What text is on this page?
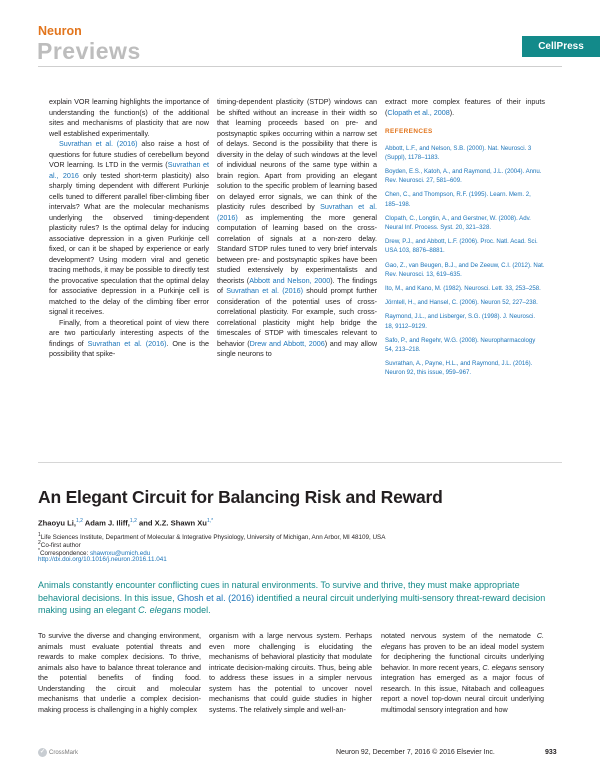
Neuron
Previews	CellPress

explain VOR learning highlights the importance of understanding the function(s) of the additional sites and mechanisms of plasticity that are now well established experimentally.

Suvrathan et al. (2016) also raise a host of questions for future studies of cerebellum beyond VOR learning. Is LTD in the vermis (Suvrathan et al., 2016 only tested short-term plasticity) also sharply timing dependent with different Purkinje cells tuned to different parallel fiber-climbing fiber intervals? What are the molecular mechanisms underlying the observed timing-dependent plasticity rules? Is the optimal delay for inducing associative depression in a given Purkinje cell fixed, or can it be shaped by experience or early development? Using modern viral and genetic tracing methods, it may be possible to directly test the provocative speculation that the optimal delay for associative depression in a Purkinje cell is matched to the delay of the climbing fiber error signal it receives.

Finally, from a theoretical point of view there are two particularly interesting aspects of the findings of Suvrathan et al. (2016). One is the possibility that spike-

timing-dependent plasticity (STDP) windows can be shifted without an increase in their width so that learning proceeds based on pre- and postsynaptic spikes occurring within a narrow set of delays. Second is the possibility that there is diversity in the delay of such windows at the level of individual neurons of the same type within a brain region. Apart from providing an elegant solution to the specific problem of learning based on delayed error signals, we can think of the plasticity rules described by Suvrathan et al. (2016) as implementing the more general computation of learning based on the cross-correlation of signals at a non-zero delay. Standard STDP rules tuned to very brief intervals between pre- and postsynaptic spikes have been studied extensively by experimentalists and theorists (Abbott and Nelson, 2000). The findings of Suvrathan et al. (2016) should prompt further consideration of the potential uses of cross-correlational plasticity. For example, such cross-correlational plasticity might help bridge the timescales of STDP with timescales relevant to behavior (Drew and Abbott, 2006) and may allow single neurons to

extract more complex features of their inputs (Clopath et al., 2008).

REFERENCES
Abbott, L.F., and Nelson, S.B. (2000). Nat. Neurosci. 3 (Suppl), 1178–1183.
Boyden, E.S., Katoh, A., and Raymond, J.L. (2004). Annu. Rev. Neurosci. 27, 581–609.
Chen, C., and Thompson, R.F. (1995). Learn. Mem. 2, 185–198.
Clopath, C., Longtin, A., and Gerstner, W. (2008). Adv. Neural Inf. Process. Syst. 20, 321–328.
Drew, P.J., and Abbott, L.F. (2006). Proc. Natl. Acad. Sci. USA 103, 8876–8881.
Gao, Z., van Beugen, B.J., and De Zeeuw, C.I. (2012). Nat. Rev. Neurosci. 13, 619–635.
Ito, M., and Kano, M. (1982). Neurosci. Lett. 33, 253–258.
Jörntell, H., and Hansel, C. (2006). Neuron 52, 227–238.
Raymond, J.L., and Lisberger, S.G. (1998). J. Neurosci. 18, 9112–9129.
Safo, P., and Regehr, W.G. (2008). Neuropharmacology 54, 213–218.
Suvrathan, A., Payne, H.L., and Raymond, J.L. (2016). Neuron 92, this issue, 959–967.
An Elegant Circuit for Balancing Risk and Reward
Zhaoyu Li,$^{1,2}$ Adam J. Iliff,$^{1,2}$ and X.Z. Shawn $Xu^{1,*}$
$^1$Life Sciences Institute, Department of Molecular & Integrative Physiology, University of Michigan, Ann Arbor, MI 48109, USA
$^2$Co-first author
*Correspondence: shawnxu@umich.edu
http://dx.doi.org/10.1016/j.neuron.2016.11.041
Animals constantly encounter conflicting cues in natural environments. To survive and thrive, they must make appropriate behavioral decisions. In this issue, Ghosh et al. (2016) identified a neural circuit underlying multi-sensory threat-reward decision making using an elegant C. elegans model.

To survive the diverse and changing environment, animals must evaluate potential threats and rewards to make complex decisions. To thrive, animals also have to balance threat tolerance and the potential benefits of finding food. Understanding the circuit and molecular mechanisms that underlie a complex decision-making process is challenging in a highly complex

organism with a large nervous system. Perhaps even more challenging is elucidating the mechanisms of behavioral plasticity that modulate intricate decision-making circuits. Thus, being able to address these issues in a simpler nervous system has the potential to uncover novel mechanisms that could guide studies in higher systems. The relatively simple and well-an-

notated nervous system of the nematode C. elegans has proven to be an ideal model system for deciphering the functional circuits underlying behavior. In more recent years, C. elegans sensory integration has emerged as a major focus of research. In this issue, Nitabach and colleagues report a novel top-down neural circuit underlying multimodal sensory integration and how

✓ CrossMark	Neuron 92, December 7, 2016 © 2016 Elsevier Inc.	933
